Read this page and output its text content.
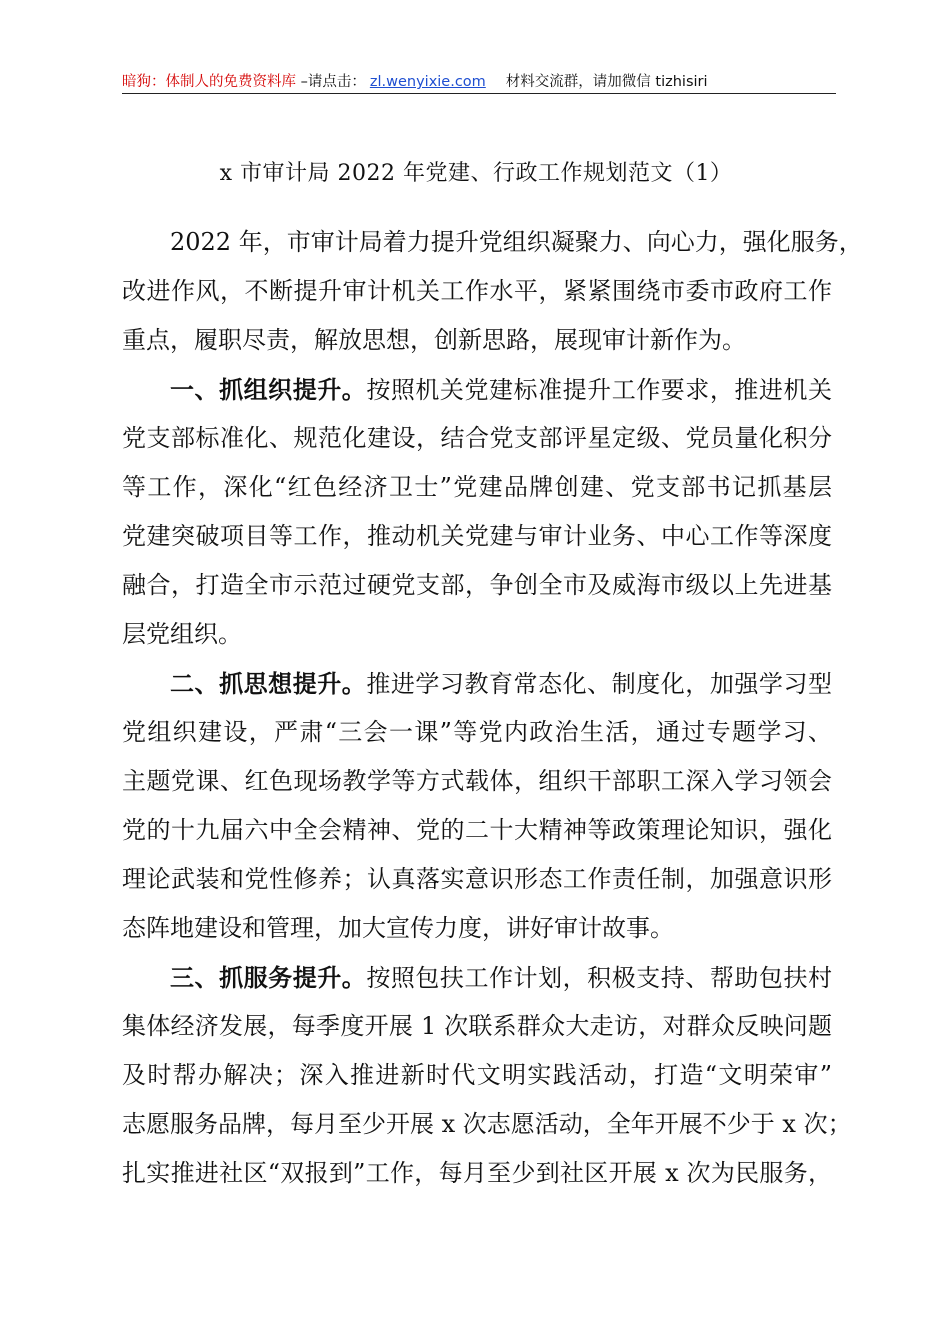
暗狗：体制人的免费资料库 –请点击： zl.wenyixie.com 材料交流群，请加微信 tizhisiri
x 市审计局 2022 年党建、行政工作规划范文（1）
2022 年，市审计局着力提升党组织凝聚力、向心力，强化服务，
改进作风，不断提升审计机关工作水平，紧紧围绕市委市政府工作
重点，履职尽责，解放思想，创新思路，展现审计新作为。
一、抓组织提升。按照机关党建标准提升工作要求，推进机关
党支部标准化、规范化建设，结合党支部评星定级、党员量化积分
等工作，深化“红色经济卫士”党建品牌创建、党支部书记抓基层
党建突破项目等工作，推动机关党建与审计业务、中心工作等深度
融合，打造全市示范过硬党支部，争创全市及威海市级以上先进基
层党组织。
二、抓思想提升。推进学习教育常态化、制度化，加强学习型
党组织建设，严肃“三会一课”等党内政治生活，通过专题学习、
主题党课、红色现场教学等方式载体，组织干部职工深入学习领会
党的十九届六中全会精神、党的二十大精神等政策理论知识，强化
理论武装和党性修养；认真落实意识形态工作责任制，加强意识形
态阵地建设和管理，加大宣传力度，讲好审计故事。
三、抓服务提升。按照包扶工作计划，积极支持、帮助包扶村
集体经济发展，每季度开展 1 次联系群众大走访，对群众反映问题
及时帮办解决；深入推进新时代文明实践活动，打造“文明荣审”
志愿服务品牌，每月至少开展 x 次志愿活动，全年开展不少于 x 次；
扎实推进社区“双报到”工作，每月至少到社区开展 x 次为民服务，
